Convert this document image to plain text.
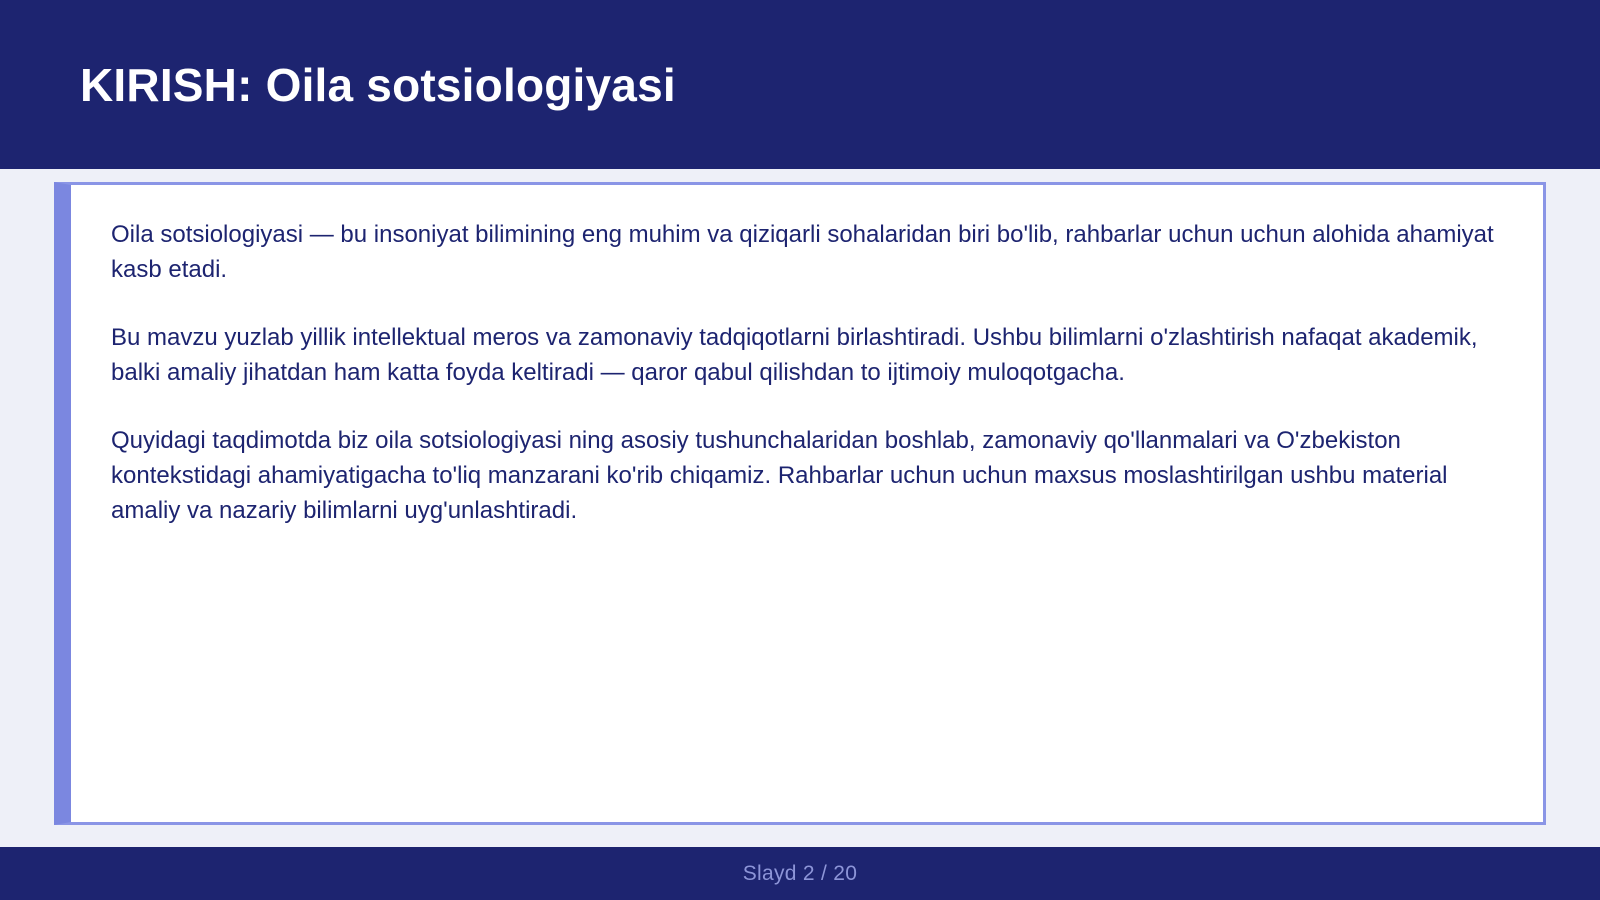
KIRISH: Oila sotsiologiyasi

Oila sotsiologiyasi — bu insoniyat bilimining eng muhim va qiziqarli sohalaridan biri bo'lib, rahbarlar uchun uchun alohida ahamiyat kasb etadi.

Bu mavzu yuzlab yillik intellektual meros va zamonaviy tadqiqotlarni birlashtiradi. Ushbu bilimlarni o'zlashtirish nafaqat akademik, balki amaliy jihatdan ham katta foyda keltiradi — qaror qabul qilishdan to ijtimoiy muloqotgacha.

Quyidagi taqdimotda biz oila sotsiologiyasi ning asosiy tushunchalaridan boshlab, zamonaviy qo'llanmalari va O'zbekiston kontekstidagi ahamiyatigacha to'liq manzarani ko'rib chiqamiz. Rahbarlar uchun uchun maxsus moslashtirilgan ushbu material amaliy va nazariy bilimlarni uyg'unlashtiradi.

Slayd 2 / 20
